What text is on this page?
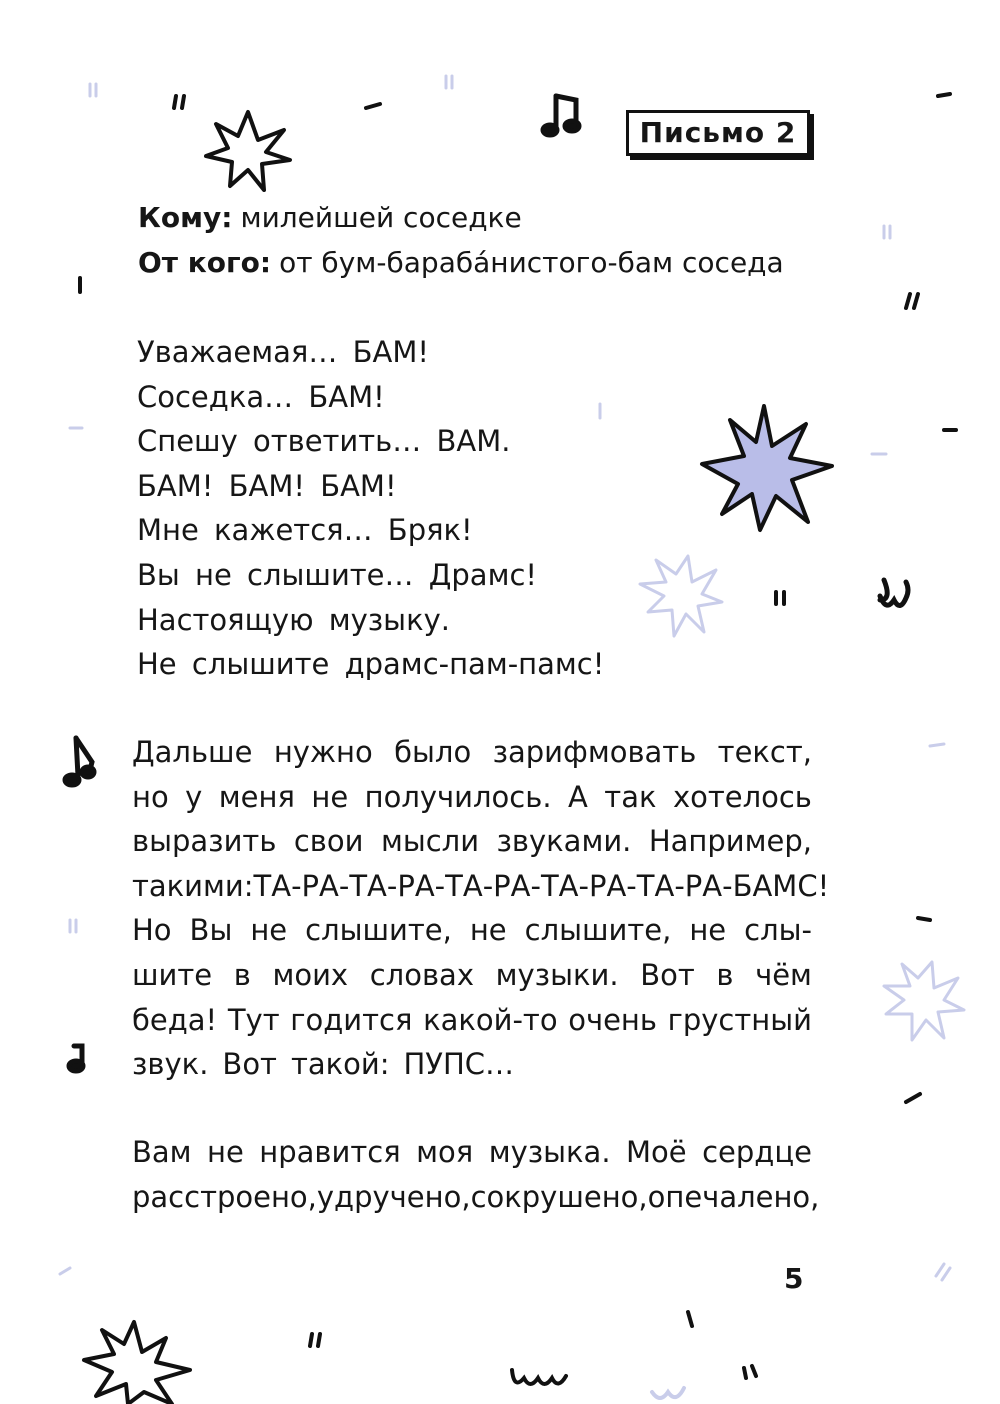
Письмо 2
Кому: милейшей соседке
От кого: от бум-барабáнистого-бам соседа
Уважаемая… БАМ!
Соседка… БАМ!
Спешу ответить… ВАМ.
БАМ! БАМ! БАМ!
Мне кажется… Бряк!
Вы не слышите… Драмс!
Настоящую музыку.
Не слышите драмс-пам-памс!
Дальше нужно было зарифмовать текст,
но у меня не получилось. А так хотелось
выразить свои мысли звуками. Например,
такими: ТА-РА-ТА-РА-ТА-РА-ТА-РА-ТА-РА-БАМС!
Но Вы не слышите, не слышите, не слы-
шите в моих словах музыки. Вот в чём
беда! Тут годится какой-то очень грустный
звук. Вот такой: ПУПС…
Вам не нравится моя музыка. Моё сердце
расстроено, удручено, сокрушено, опечалено,
5
